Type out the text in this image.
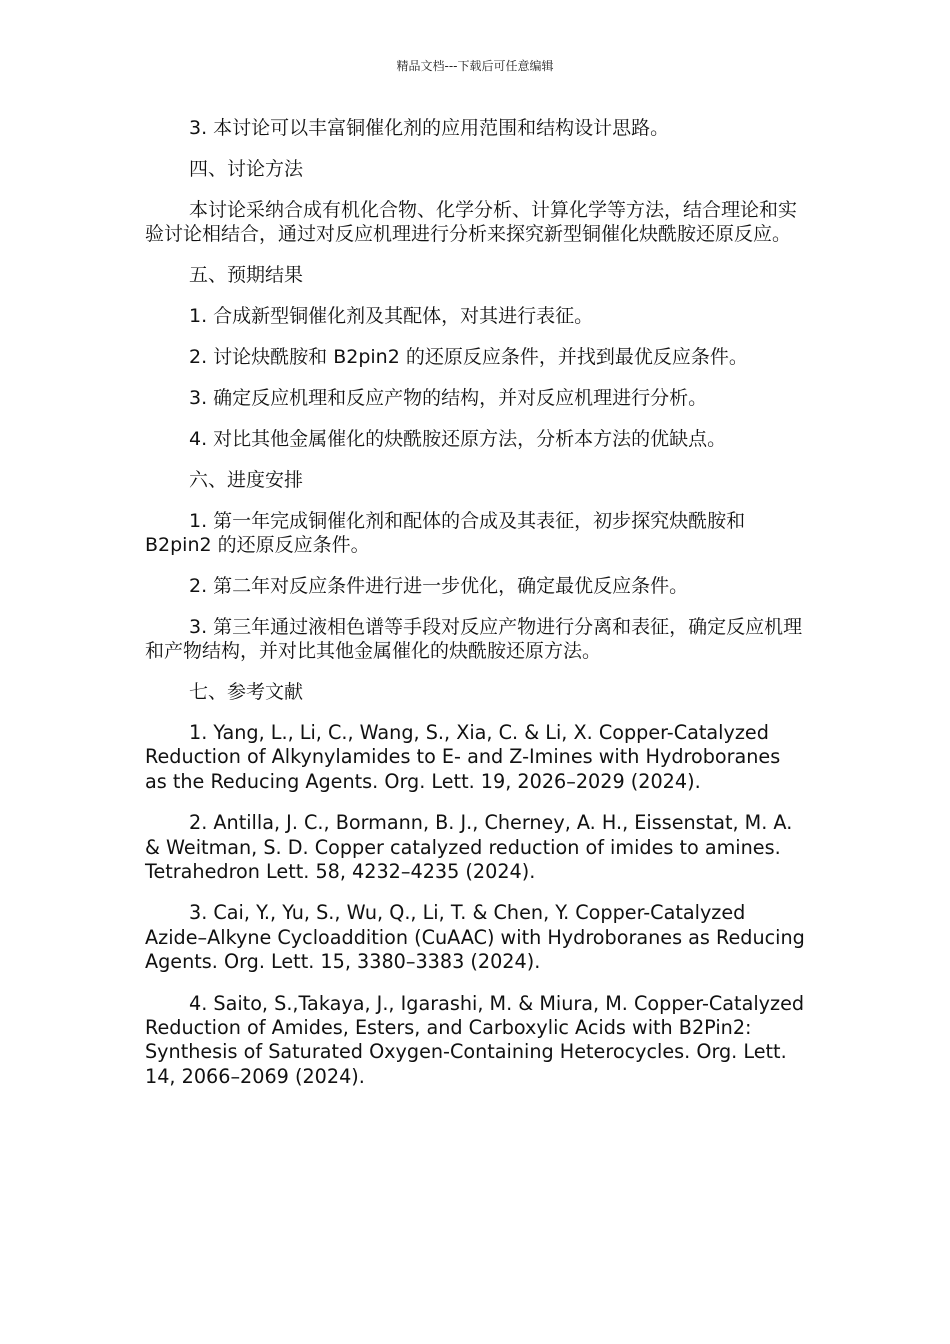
精品文档---下载后可任意编辑

3. 本讨论可以丰富铜催化剂的应用范围和结构设计思路。

四、讨论方法

本讨论采纳合成有机化合物、化学分析、计算化学等方法，结合理论和实验讨论相结合，通过对反应机理进行分析来探究新型铜催化炔酰胺还原反应。

五、预期结果

1. 合成新型铜催化剂及其配体，对其进行表征。

2. 讨论炔酰胺和 B2pin2 的还原反应条件，并找到最优反应条件。

3. 确定反应机理和反应产物的结构，并对反应机理进行分析。

4. 对比其他金属催化的炔酰胺还原方法，分析本方法的优缺点。

六、进度安排

1. 第一年完成铜催化剂和配体的合成及其表征，初步探究炔酰胺和 B2pin2 的还原反应条件。

2. 第二年对反应条件进行进一步优化，确定最优反应条件。

3. 第三年通过液相色谱等手段对反应产物进行分离和表征，确定反应机理和产物结构，并对比其他金属催化的炔酰胺还原方法。

七、参考文献

1. Yang, L., Li, C., Wang, S., Xia, C. & Li, X. Copper-Catalyzed Reduction of Alkynylamides to E- and Z-Imines with Hydroboranes as the Reducing Agents. Org. Lett. 19, 2026–2029 (2024).

2. Antilla, J. C., Bormann, B. J., Cherney, A. H., Eissenstat, M. A. & Weitman, S. D. Copper catalyzed reduction of imides to amines. Tetrahedron Lett. 58, 4232–4235 (2024).

3. Cai, Y., Yu, S., Wu, Q., Li, T. & Chen, Y. Copper-Catalyzed Azide–Alkyne Cycloaddition (CuAAC) with Hydroboranes as Reducing Agents. Org. Lett. 15, 3380–3383 (2024).

4. Saito, S.,Takaya, J., Igarashi, M. & Miura, M. Copper-Catalyzed Reduction of Amides, Esters, and Carboxylic Acids with B2Pin2: Synthesis of Saturated Oxygen-Containing Heterocycles. Org. Lett. 14, 2066–2069 (2024).
